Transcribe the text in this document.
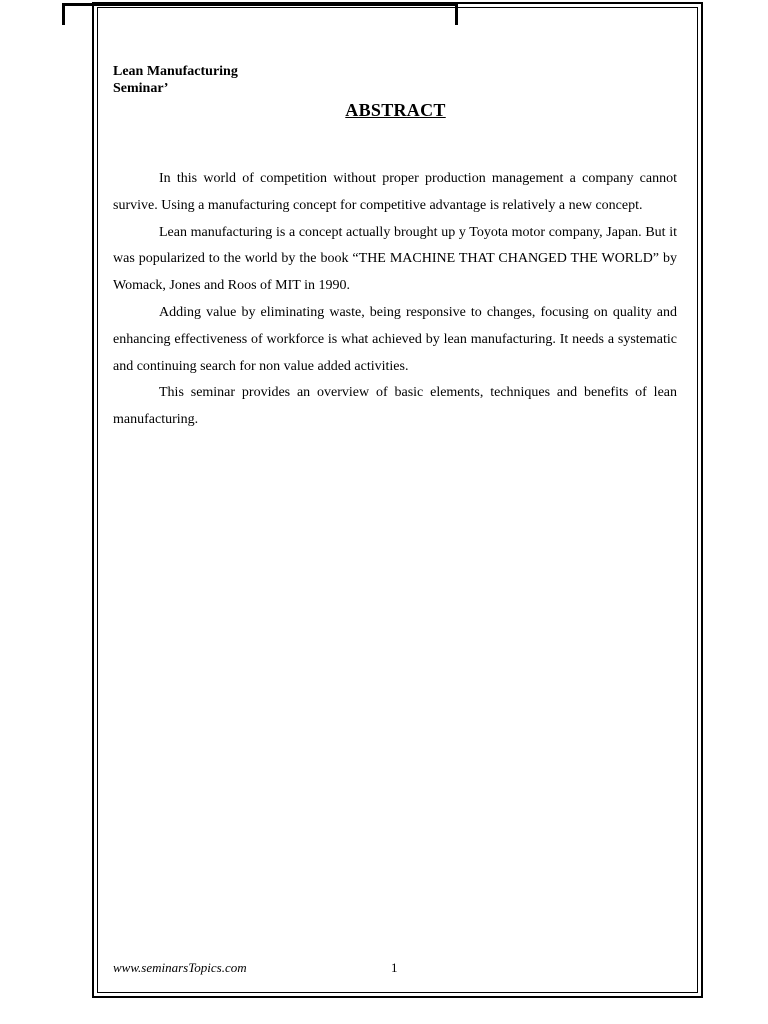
Lean Manufacturing
Seminar’
ABSTRACT

In this world of competition without proper production management a company cannot survive. Using a manufacturing concept for competitive advantage is relatively a new concept.

Lean manufacturing is a concept actually brought up y Toyota motor company, Japan. But it was popularized to the world by the book “THE MACHINE THAT CHANGED THE WORLD” by Womack, Jones and Roos of MIT in 1990.

Adding value by eliminating waste, being responsive to changes, focusing on quality and enhancing effectiveness of workforce is what achieved by lean manufacturing. It needs a systematic and continuing search for non value added activities.

This seminar provides an overview of basic elements, techniques and benefits of lean manufacturing.

www.seminarsTopics.com	1
